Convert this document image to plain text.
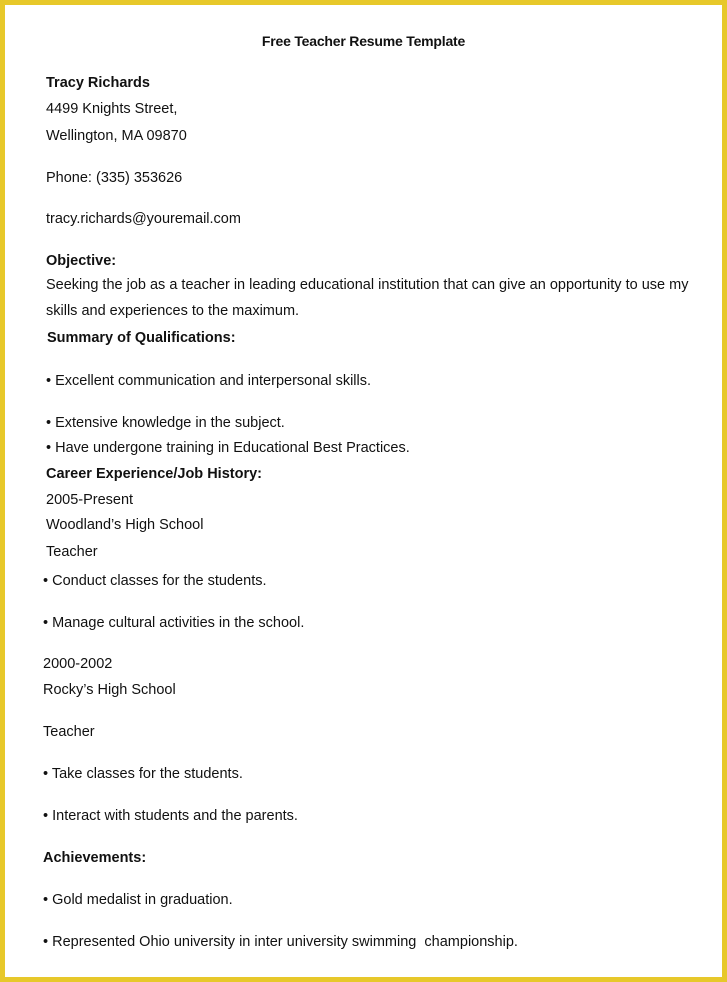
Free Teacher Resume Template
Tracy Richards
4499 Knights Street,
Wellington, MA 09870
Phone: (335) 353626
tracy.richards@youremail.com
Objective:
Seeking the job as a teacher in leading educational institution that can give an opportunity to use my skills and experiences to the maximum.
Summary of Qualifications:
• Excellent communication and interpersonal skills.
• Extensive knowledge in the subject.
• Have undergone training in Educational Best Practices.
Career Experience/Job History:
2005-Present
Woodland’s High School
Teacher
• Conduct classes for the students.
• Manage cultural activities in the school.
2000-2002
Rocky’s High School
Teacher
• Take classes for the students.
• Interact with students and the parents.
Achievements:
• Gold medalist in graduation.
• Represented Ohio university in inter university swimming  championship.
